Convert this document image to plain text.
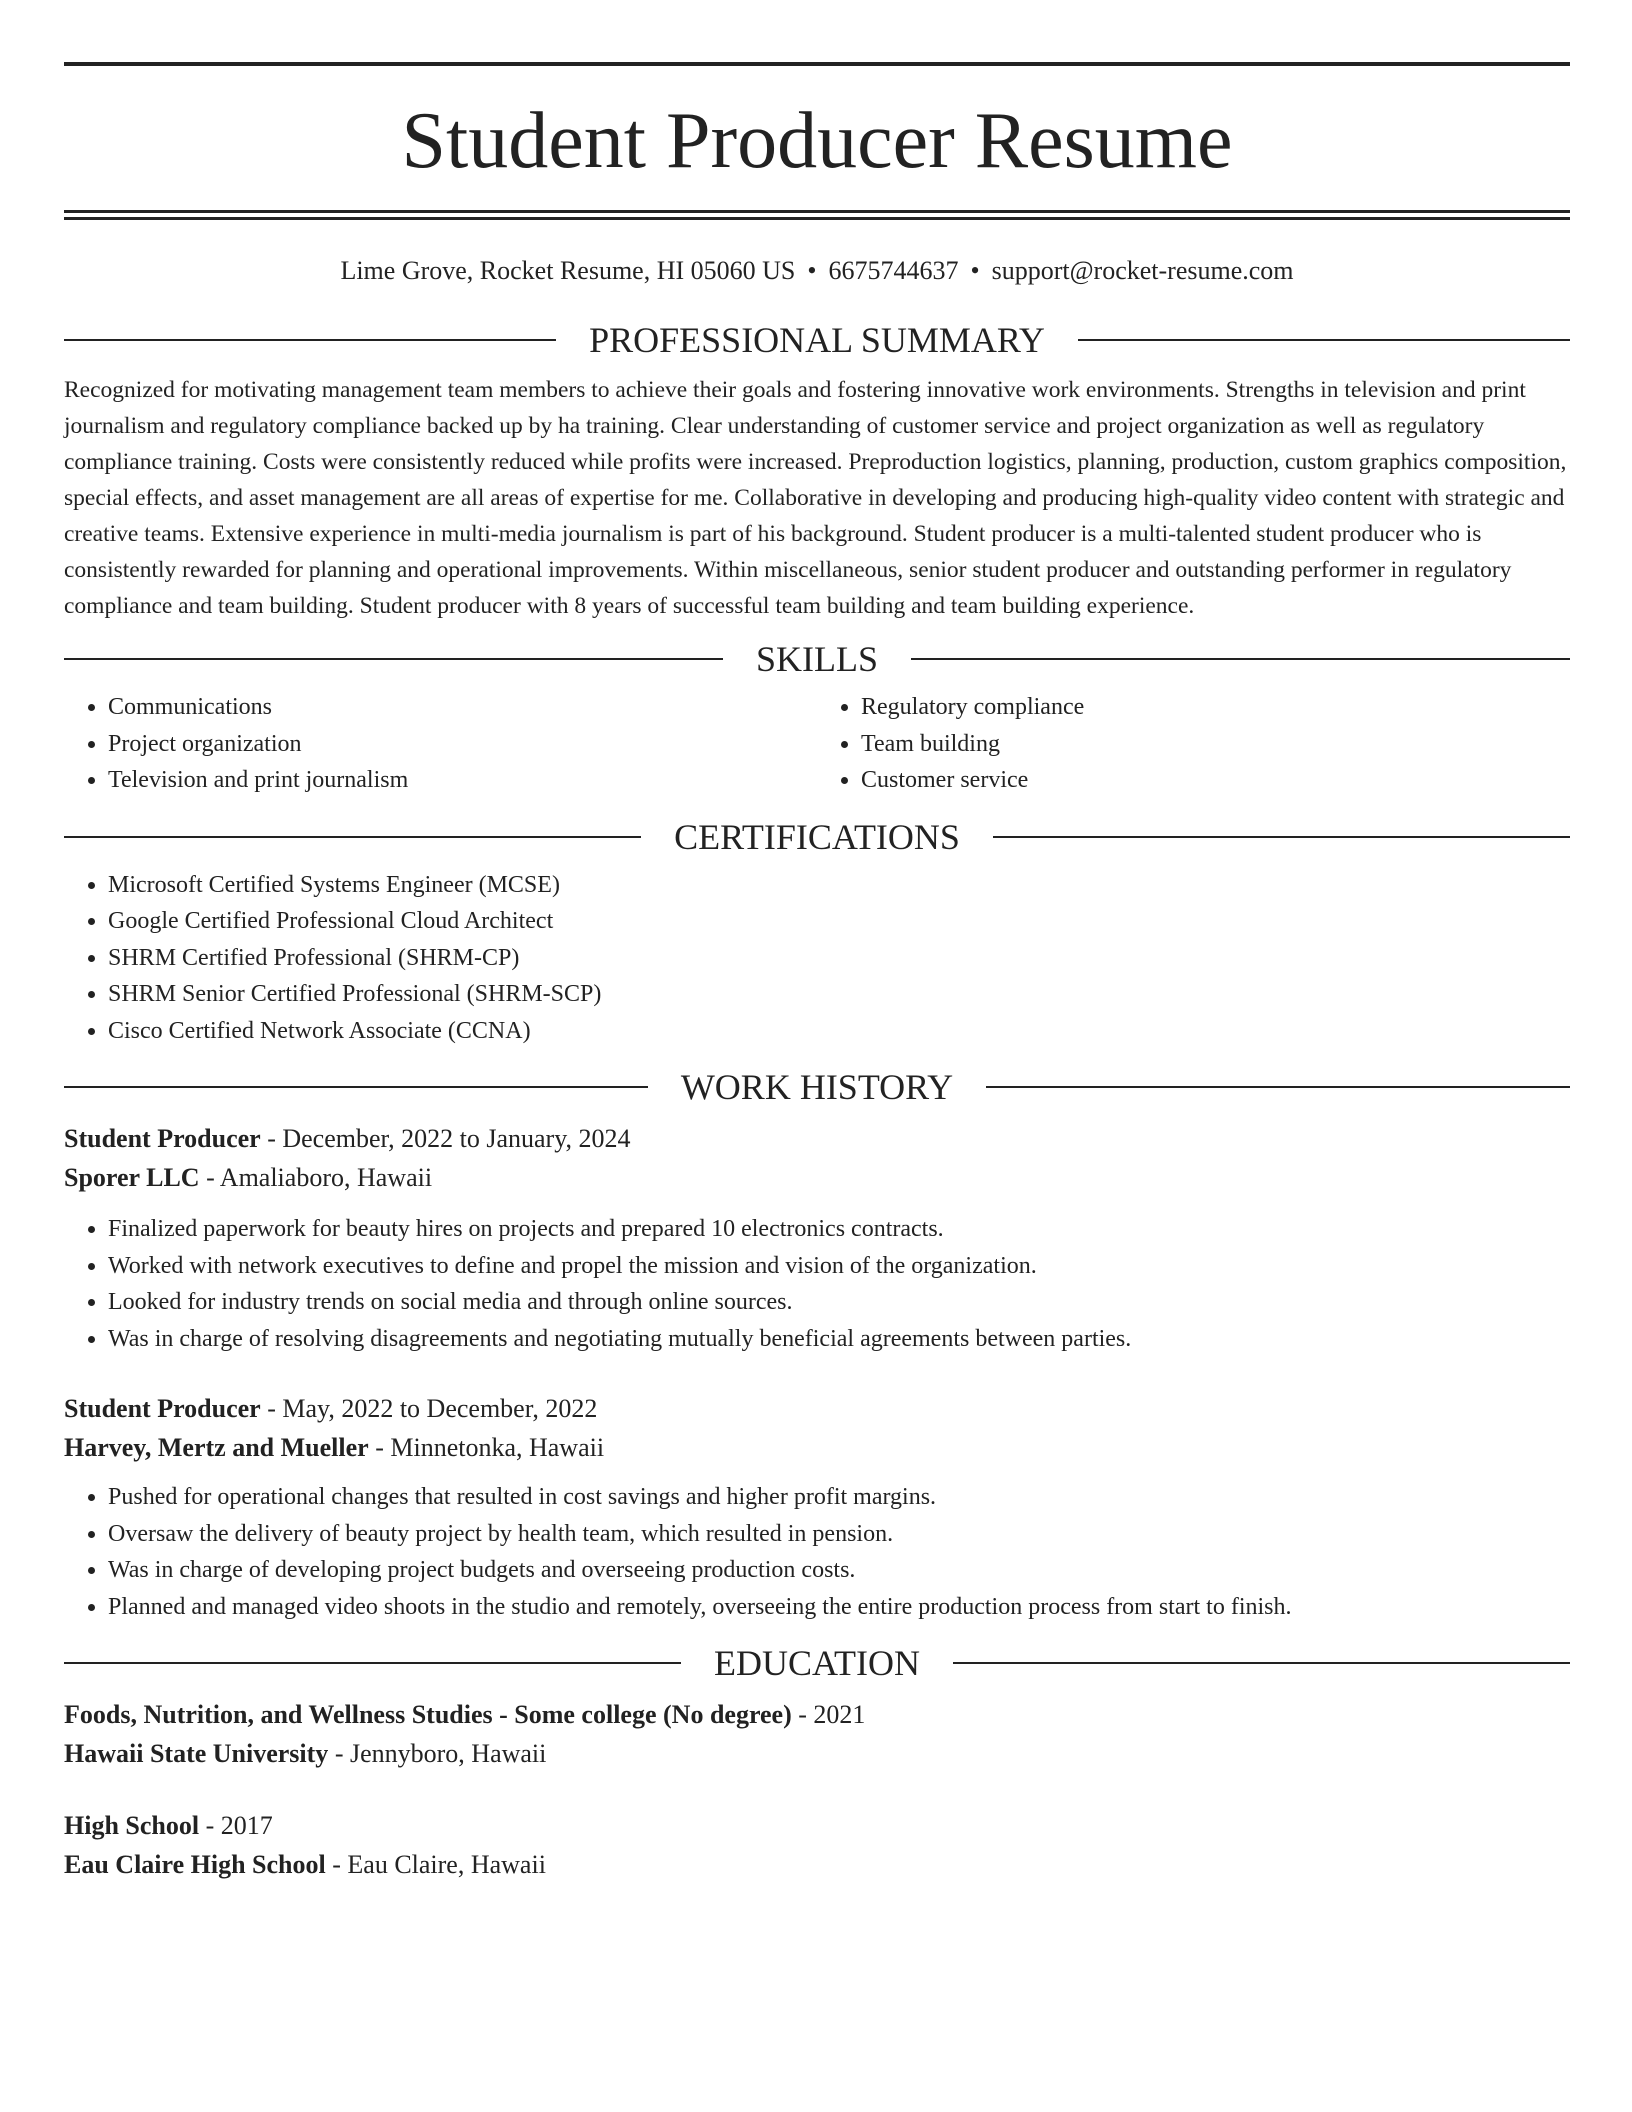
Student Producer Resume
Lime Grove, Rocket Resume, HI 05060 US • 6675744637 • support@rocket-resume.com
PROFESSIONAL SUMMARY

Recognized for motivating management team members to achieve their goals and fostering innovative work environments. Strengths in television and print journalism and regulatory compliance backed up by ha training. Clear understanding of customer service and project organization as well as regulatory compliance training. Costs were consistently reduced while profits were increased. Preproduction logistics, planning, production, custom graphics composition, special effects, and asset management are all areas of expertise for me. Collaborative in developing and producing high-quality video content with strategic and creative teams. Extensive experience in multi-media journalism is part of his background. Student producer is a multi-talented student producer who is consistently rewarded for planning and operational improvements. Within miscellaneous, senior student producer and outstanding performer in regulatory compliance and team building. Student producer with 8 years of successful team building and team building experience.

SKILLS
• Communications
• Project organization
• Television and print journalism
• Regulatory compliance
• Team building
• Customer service
CERTIFICATIONS
• Microsoft Certified Systems Engineer (MCSE)
• Google Certified Professional Cloud Architect
• SHRM Certified Professional (SHRM-CP)
• SHRM Senior Certified Professional (SHRM-SCP)
• Cisco Certified Network Associate (CCNA)
WORK HISTORY

Student Producer - December, 2022 to January, 2024

Sporer LLC - Amaliaboro, Hawaii

• Finalized paperwork for beauty hires on projects and prepared 10 electronics contracts.
• Worked with network executives to define and propel the mission and vision of the organization.
• Looked for industry trends on social media and through online sources.
• Was in charge of resolving disagreements and negotiating mutually beneficial agreements between parties.

Student Producer - May, 2022 to December, 2022

Harvey, Mertz and Mueller - Minnetonka, Hawaii

• Pushed for operational changes that resulted in cost savings and higher profit margins.
• Oversaw the delivery of beauty project by health team, which resulted in pension.
• Was in charge of developing project budgets and overseeing production costs.
• Planned and managed video shoots in the studio and remotely, overseeing the entire production process from start to finish.
EDUCATION

Foods, Nutrition, and Wellness Studies - Some college (No degree) - 2021

Hawaii State University - Jennyboro, Hawaii

High School - 2017

Eau Claire High School - Eau Claire, Hawaii
